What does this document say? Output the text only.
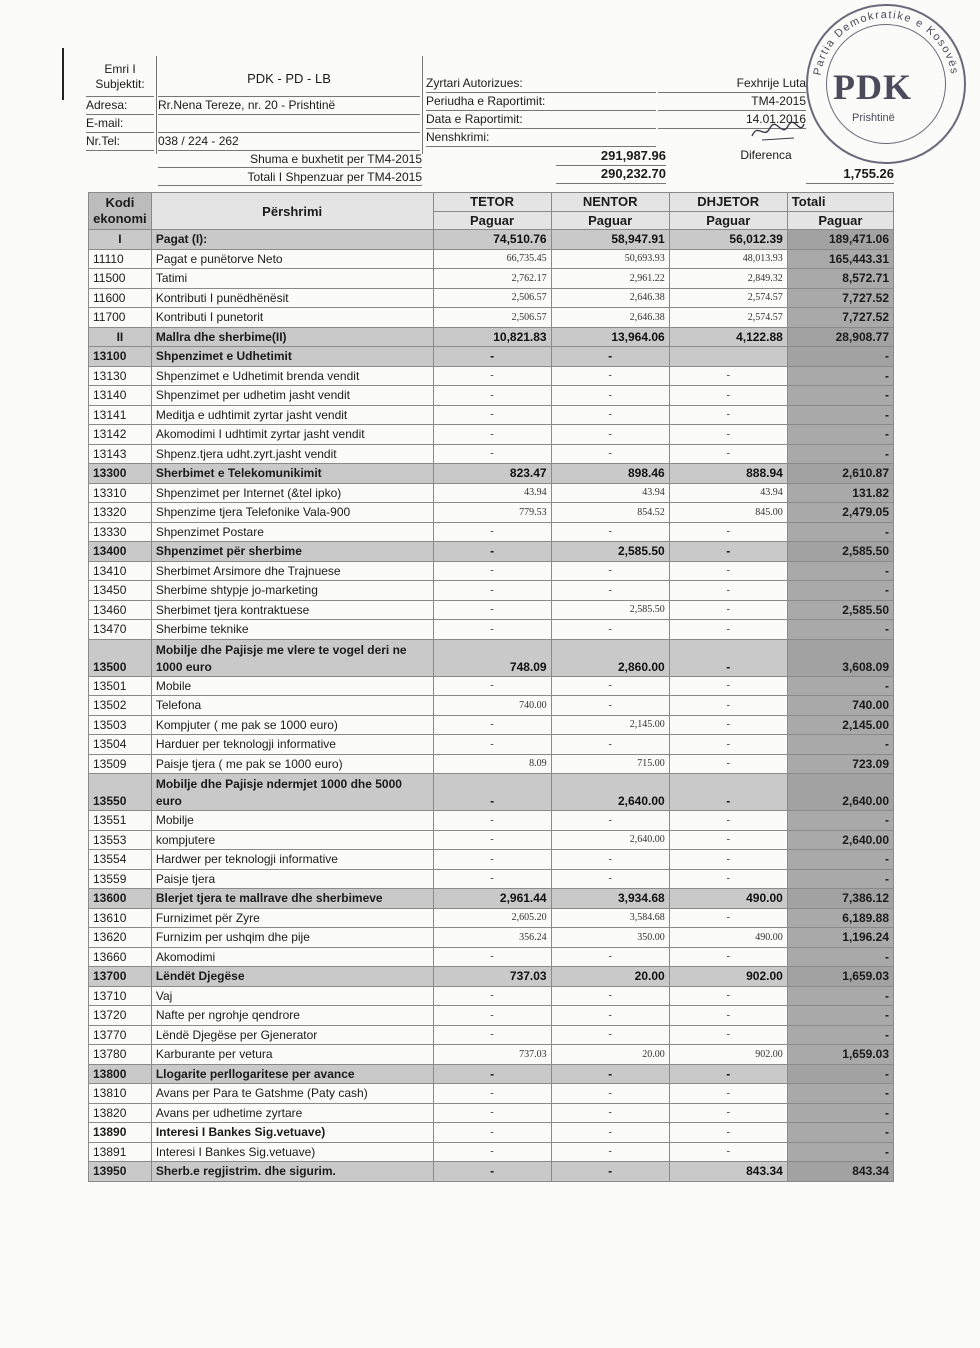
Emri I
Subjektit:	PDK - PD - LB
Adresa:	Rr.Nena Tereze, nr. 20 - Prishtinë
E-mail:
Nr.Tel:	038 / 224 - 262
Zyrtari Autorizues:	Fexhrije Luta
Periudha e Raportimit:	TM4-2015
Data e Raportimit:	14.01.2016
Nenshkrimi:
Shuma e buxhetit per TM4-2015	291,987.96	Diferenca
Totali I Shpenzuar per TM4-2015	290,232.70	1,755.26
Partia Demokratike e Kosovës
PDK
Prishtinë
Kodi ekonomi	Përshrimi	TETOR	NENTOR	DHJETOR	Totali
		Paguar	Paguar	Paguar	Paguar
I	Pagat (I):	74,510.76	58,947.91	56,012.39	189,471.06
11110	Pagat e punëtorve Neto	66,735.45	50,693.93	48,013.93	165,443.31
11500	Tatimi	2,762.17	2,961.22	2,849.32	8,572.71
11600	Kontributi I punëdhënësit	2,506.57	2,646.38	2,574.57	7,727.52
11700	Kontributi I punetorit	2,506.57	2,646.38	2,574.57	7,727.52
II	Mallra dhe sherbime(II)	10,821.83	13,964.06	4,122.88	28,908.77
13100	Shpenzimet e Udhetimit	-	-		-
13130	Shpenzimet e Udhetimit brenda vendit	-	-	-	-
13140	Shpenzimet per udhetim jasht vendit	-	-	-	-
13141	Meditja e udhtimit zyrtar jasht vendit	-	-	-	-
13142	Akomodimi I udhtimit zyrtar jasht vendit	-	-	-	-
13143	Shpenz.tjera udht.zyrt.jasht vendit	-	-	-	-
13300	Sherbimet e Telekomunikimit	823.47	898.46	888.94	2,610.87
13310	Shpenzimet per Internet (&tel ipko)	43.94	43.94	43.94	131.82
13320	Shpenzime tjera Telefonike Vala-900	779.53	854.52	845.00	2,479.05
13330	Shpenzimet Postare	-	-	-	-
13400	Shpenzimet për sherbime	-	2,585.50	-	2,585.50
13410	Sherbimet Arsimore dhe Trajnuese	-	-	-	-
13450	Sherbime shtypje jo-marketing	-	-	-	-
13460	Sherbimet tjera kontraktuese	-	2,585.50	-	2,585.50
13470	Sherbime teknike	-	-	-	-
13500	Mobilje dhe Pajisje me vlere te vogel deri ne 1000 euro	748.09	2,860.00	-	3,608.09
13501	Mobile	-	-	-	-
13502	Telefona	740.00	-	-	740.00
13503	Kompjuter ( me pak se 1000 euro)	-	2,145.00	-	2,145.00
13504	Harduer per teknologji informative	-	-	-	-
13509	Paisje tjera ( me pak se 1000 euro)	8.09	715.00	-	723.09
13550	Mobilje dhe Pajisje ndermjet 1000 dhe 5000 euro	-	2,640.00	-	2,640.00
13551	Mobilje	-	-	-	-
13553	kompjutere	-	2,640.00	-	2,640.00
13554	Hardwer per teknologji informative	-	-	-	-
13559	Paisje tjera	-	-	-	-
13600	Blerjet tjera te mallrave dhe sherbimeve	2,961.44	3,934.68	490.00	7,386.12
13610	Furnizimet për Zyre	2,605.20	3,584.68	-	6,189.88
13620	Furnizim per ushqim dhe pije	356.24	350.00	490.00	1,196.24
13660	Akomodimi	-	-	-	-
13700	Lëndët Djegëse	737.03	20.00	902.00	1,659.03
13710	Vaj	-	-	-	-
13720	Nafte per ngrohje qendrore	-	-	-	-
13770	Lëndë Djegëse per Gjenerator	-	-	-	-
13780	Karburante per vetura	737.03	20.00	902.00	1,659.03
13800	Llogarite perllogaritese per avance	-	-	-	-
13810	Avans per Para te Gatshme (Paty cash)	-	-	-	-
13820	Avans per udhetime zyrtare	-	-	-	-
13890	Interesi I Bankes Sig.vetuave)	-	-	-	-
13891	Interesi I Bankes Sig.vetuave)	-	-	-	-
13950	Sherb.e regjistrim. dhe sigurim.	-	-	843.34	843.34
